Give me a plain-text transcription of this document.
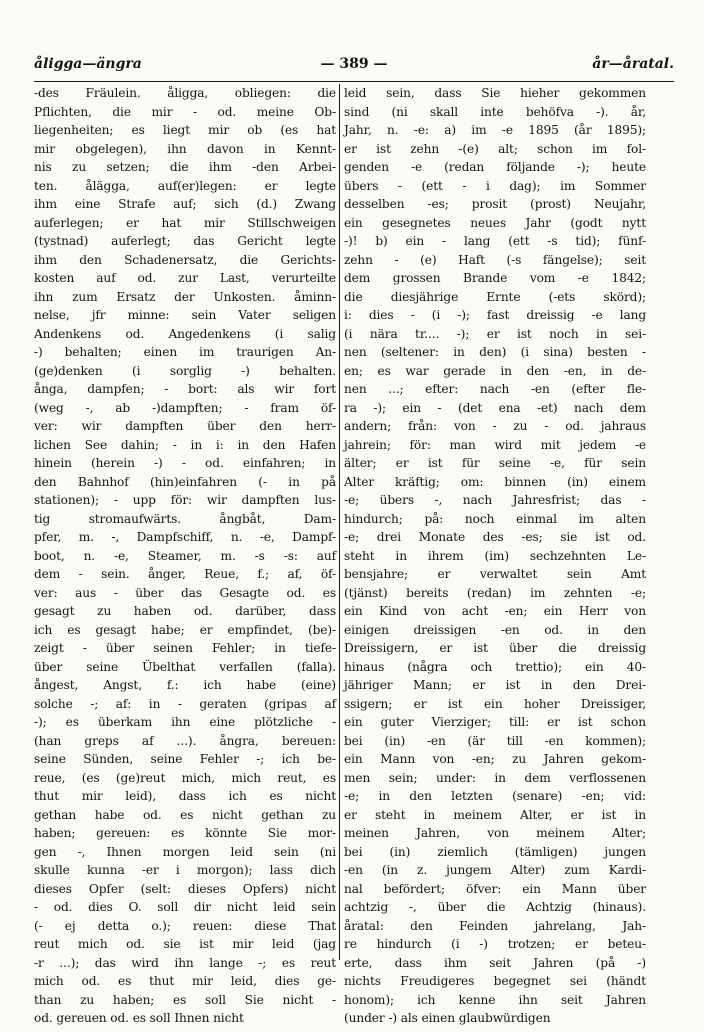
åligga—ängra	— 389 —	år—åratal.
-des Fräulein. åligga, obliegen: die
Pflichten, die mir - od. meine Ob-
liegenheiten; es liegt mir ob (es hat
mir obgelegen), ihn davon in Kennt-
nis zu setzen; die ihm -den Arbei-
ten. ålägga, auf(er)legen: er legte
ihm eine Strafe auf; sich (d.) Zwang
auferlegen; er hat mir Stillschweigen
(tystnad) auferlegt; das Gericht legte
ihm den Schadenersatz, die Gerichts-
kosten auf od. zur Last, verurteilte
ihn zum Ersatz der Unkosten. åminn-
nelse, jfr minne: sein Vater seligen
Andenkens od. Angedenkens (i salig
-) behalten; einen im traurigen An-
(ge)denken (i sorglig -) behalten.
ånga, dampfen; - bort: als wir fort
(weg -, ab -)dampften; - fram öf-
ver: wir dampften über den herr-
lichen See dahin; - in i: in den Hafen
hinein (herein -) - od. einfahren; in
den Bahnhof (hin)einfahren (- in på
stationen); - upp för: wir dampften lus-
tig stromaufwärts. ångbåt, Dam-
pfer, m. -, Dampfschiff, n. -e, Dampf-
boot, n. -e, Steamer, m. -s -s: auf
dem - sein. ånger, Reue, f.; af, öf-
ver: aus - über das Gesagte od. es
gesagt zu haben od. darüber, dass
ich es gesagt habe; er empfindet, (be)-
zeigt - über seinen Fehler; in tiefe-
über seine Übelthat verfallen (falla).
ångest, Angst, f.: ich habe (eine)
solche -; af: in - geraten (gripas af
-); es überkam ihn eine plötzliche -
(han greps af ...). ångra, bereuen:
seine Sünden, seine Fehler -; ich be-
reue, (es (ge)reut mich, mich reut, es
thut mir leid), dass ich es nicht
gethan habe od. es nicht gethan zu
haben; gereuen: es könnte Sie mor-
gen -, Ihnen morgen leid sein (ni
skulle kunna -er i morgon); lass dich
dieses Opfer (selt: dieses Opfers) nicht
- od. dies O. soll dir nicht leid sein
(- ej detta o.); reuen: diese That
reut mich od. sie ist mir leid (jag
-r ...); das wird ihn lange -; es reut
mich od. es thut mir leid, dies ge-
than zu haben; es soll Sie nicht -
od. gereuen od. es soll Ihnen nicht
leid sein, dass Sie hieher gekommen
sind (ni skall inte behöfva -). år,
Jahr, n. -e: a) im -e 1895 (år 1895);
er ist zehn -(e) alt; schon im fol-
genden -e (redan följande -); heute
übers - (ett - i dag); im Sommer
desselben -es; prosit (prost) Neujahr,
ein gesegnetes neues Jahr (godt nytt
-)! b) ein - lang (ett -s tid); fünf-
zehn - (e) Haft (-s fängelse); seit
dem grossen Brande vom -e 1842;
die diesjährige Ernte (-ets skörd);
i: dies - (i -); fast dreissig -e lang
(i nära tr.... -); er ist noch in sei-
nen (seltener: in den) (i sina) besten -
en; es war gerade in den -en, in de-
nen ...; efter: nach -en (efter fle-
ra -); ein - (det ena -et) nach dem
andern; från: von - zu - od. jahraus
jahrein; för: man wird mit jedem -e
älter; er ist für seine -e, für sein
Alter kräftig; om: binnen (in) einem
-e; übers -, nach Jahresfrist; das -
hindurch; på: noch einmal im alten
-e; drei Monate des -es; sie ist od.
steht in ihrem (im) sechzehnten Le-
bensjahre; er verwaltet sein Amt
(tjänst) bereits (redan) im zehnten -e;
ein Kind von acht -en; ein Herr von
einigen dreissigen -en od. in den
Dreissigern, er ist über die dreissig
hinaus (några och trettio); ein 40-
jähriger Mann; er ist in den Drei-
ssigern; er ist ein hoher Dreissiger,
ein guter Vierziger; till: er ist schon
bei (in) -en (är till -en kommen);
ein Mann von -en; zu Jahren gekom-
men sein; under: in dem verflossenen
-e; in den letzten (senare) -en; vid:
er steht in meinem Alter, er ist in
meinen Jahren, von meinem Alter;
bei (in) ziemlich (tämligen) jungen
-en (in z. jungem Alter) zum Kardi-
nal befördert; öfver: ein Mann über
achtzig -, über die Achtzig (hinaus).
åratal: den Feinden jahrelang, Jah-
re hindurch (i -) trotzen; er beteu-
erte, dass ihm seit Jahren (på -)
nichts Freudigeres begegnet sei (händt
honom); ich kenne ihn seit Jahren
(under -) als einen glaubwürdigen
